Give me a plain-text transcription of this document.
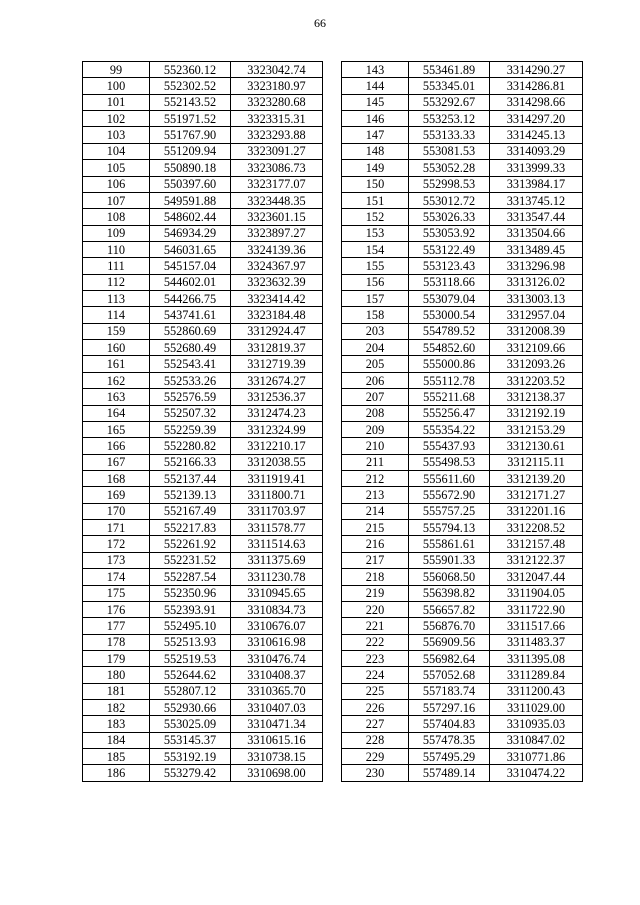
66
99	552360.12	3323042.74
100	552302.52	3323180.97
101	552143.52	3323280.68
102	551971.52	3323315.31
103	551767.90	3323293.88
104	551209.94	3323091.27
105	550890.18	3323086.73
106	550397.60	3323177.07
107	549591.88	3323448.35
108	548602.44	3323601.15
109	546934.29	3323897.27
110	546031.65	3324139.36
111	545157.04	3324367.97
112	544602.01	3323632.39
113	544266.75	3323414.42
114	543741.61	3323184.48
159	552860.69	3312924.47
160	552680.49	3312819.37
161	552543.41	3312719.39
162	552533.26	3312674.27
163	552576.59	3312536.37
164	552507.32	3312474.23
165	552259.39	3312324.99
166	552280.82	3312210.17
167	552166.33	3312038.55
168	552137.44	3311919.41
169	552139.13	3311800.71
170	552167.49	3311703.97
171	552217.83	3311578.77
172	552261.92	3311514.63
173	552231.52	3311375.69
174	552287.54	3311230.78
175	552350.96	3310945.65
176	552393.91	3310834.73
177	552495.10	3310676.07
178	552513.93	3310616.98
179	552519.53	3310476.74
180	552644.62	3310408.37
181	552807.12	3310365.70
182	552930.66	3310407.03
183	553025.09	3310471.34
184	553145.37	3310615.16
185	553192.19	3310738.15
186	553279.42	3310698.00
143	553461.89	3314290.27
144	553345.01	3314286.81
145	553292.67	3314298.66
146	553253.12	3314297.20
147	553133.33	3314245.13
148	553081.53	3314093.29
149	553052.28	3313999.33
150	552998.53	3313984.17
151	553012.72	3313745.12
152	553026.33	3313547.44
153	553053.92	3313504.66
154	553122.49	3313489.45
155	553123.43	3313296.98
156	553118.66	3313126.02
157	553079.04	3313003.13
158	553000.54	3312957.04
203	554789.52	3312008.39
204	554852.60	3312109.66
205	555000.86	3312093.26
206	555112.78	3312203.52
207	555211.68	3312138.37
208	555256.47	3312192.19
209	555354.22	3312153.29
210	555437.93	3312130.61
211	555498.53	3312115.11
212	555611.60	3312139.20
213	555672.90	3312171.27
214	555757.25	3312201.16
215	555794.13	3312208.52
216	555861.61	3312157.48
217	555901.33	3312122.37
218	556068.50	3312047.44
219	556398.82	3311904.05
220	556657.82	3311722.90
221	556876.70	3311517.66
222	556909.56	3311483.37
223	556982.64	3311395.08
224	557052.68	3311289.84
225	557183.74	3311200.43
226	557297.16	3311029.00
227	557404.83	3310935.03
228	557478.35	3310847.02
229	557495.29	3310771.86
230	557489.14	3310474.22
